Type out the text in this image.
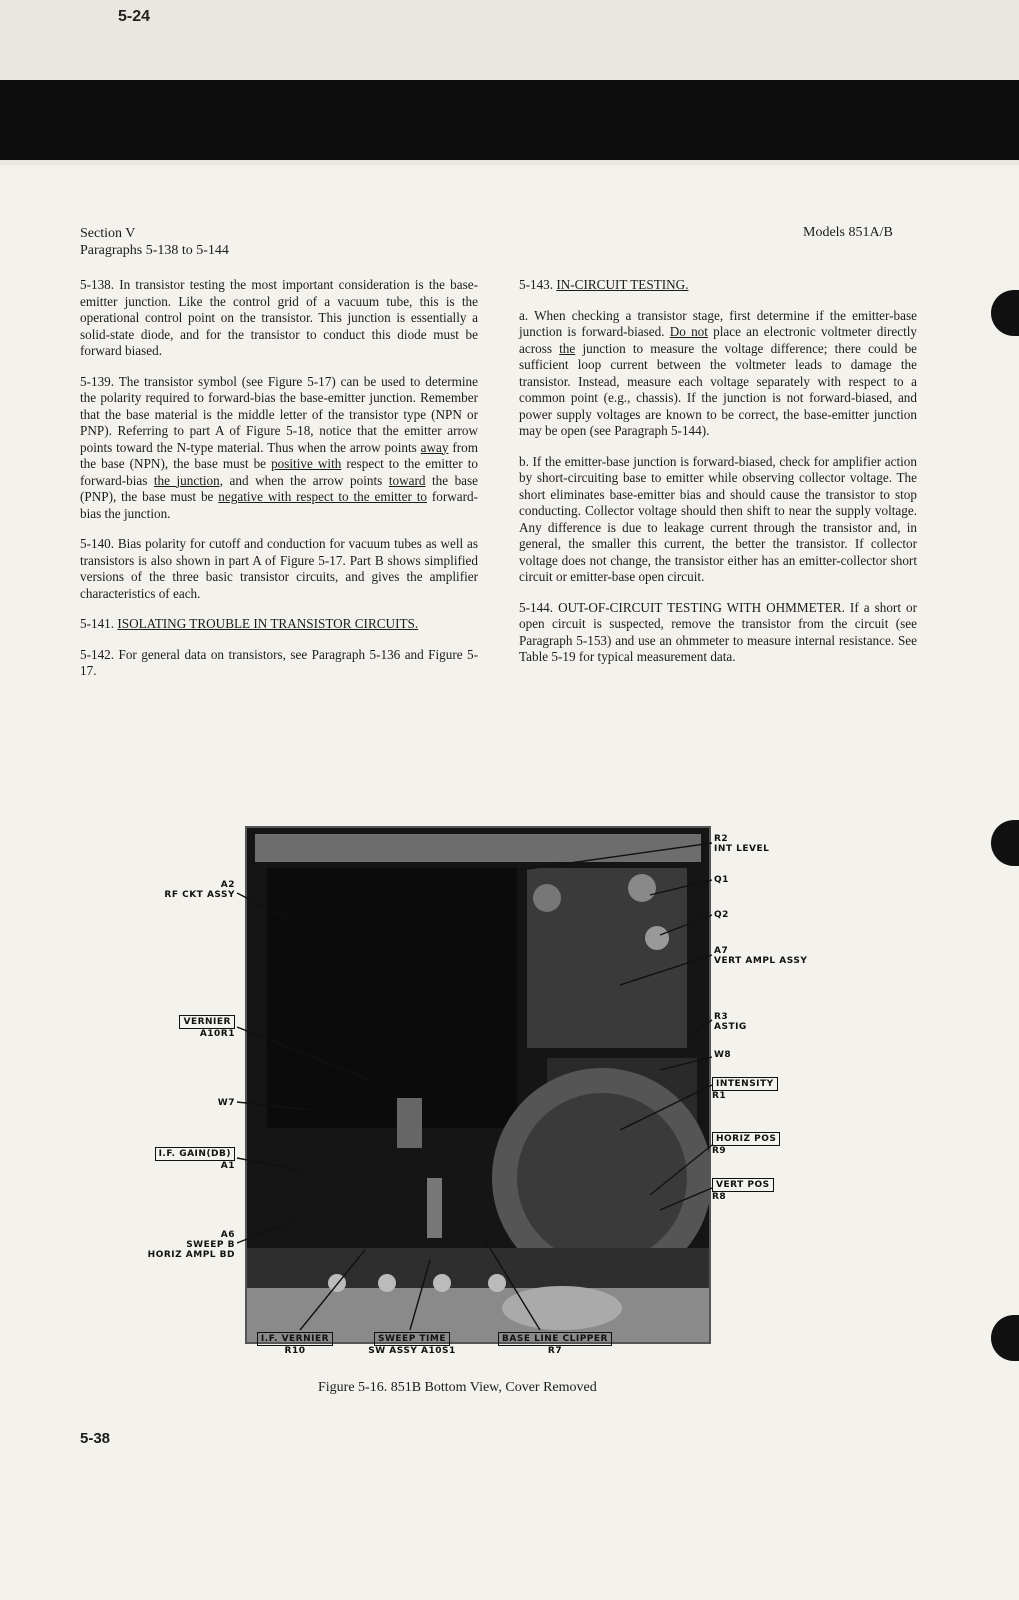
5-24
Section V
Paragraphs 5-138 to 5-144
Models 851A/B

5-138. In transistor testing the most important consideration is the base-emitter junction. Like the control grid of a vacuum tube, this is the operational control point on the transistor. This junction is essentially a solid-state diode, and for the transistor to conduct this diode must be forward biased.

5-139. The transistor symbol (see Figure 5-17) can be used to determine the polarity required to forward-bias the base-emitter junction. Remember that the base material is the middle letter of the transistor type (NPN or PNP). Referring to part A of Figure 5-18, notice that the emitter arrow points toward the N-type material. Thus when the arrow points away from the base (NPN), the base must be positive with respect to the emitter to forward-bias the junction, and when the arrow points toward the base (PNP), the base must be negative with respect to the emitter to forward-bias the junction.

5-140. Bias polarity for cutoff and conduction for vacuum tubes as well as transistors is also shown in part A of Figure 5-17. Part B shows simplified versions of the three basic transistor circuits, and gives the amplifier characteristics of each.

5-141. ISOLATING TROUBLE IN TRANSISTOR CIRCUITS.

5-142. For general data on transistors, see Paragraph 5-136 and Figure 5-17.

5-143. IN-CIRCUIT TESTING.

a. When checking a transistor stage, first determine if the emitter-base junction is forward-biased. Do not place an electronic voltmeter directly across the junction to measure the voltage difference; there could be sufficient loop current between the voltmeter leads to damage the transistor. Instead, measure each voltage separately with respect to a common point (e.g., chassis). If the junction is not forward-biased, and power supply voltages are known to be correct, the base-emitter junction may be open (see Paragraph 5-144).

b. If the emitter-base junction is forward-biased, check for amplifier action by short-circuiting base to emitter while observing collector voltage. The short eliminates base-emitter bias and should cause the transistor to stop conducting. Collector voltage should then shift to near the supply voltage. Any difference is due to leakage current through the transistor and, in general, the smaller this current, the better the transistor. If collector voltage does not change, the transistor either has an emitter-collector short circuit or emitter-base open circuit.

5-144. OUT-OF-CIRCUIT TESTING WITH OHMMETER. If a short or open circuit is suspected, remove the transistor from the circuit (see Paragraph 5-153) and use an ohmmeter to measure internal resistance. See Table 5-19 for typical measurement data.

A2
RF CKT ASSY
VERNIER
A10R1
W7
I.F. GAIN(DB)
A1
A6
SWEEP B
HORIZ AMPL BD
R2
INT LEVEL
Q1
Q2
A7
VERT AMPL ASSY
R3
ASTIG
W8
INTENSITY
R1
HORIZ POS
R9
VERT POS
R8
I.F. VERNIER
R10
SWEEP TIME
SW ASSY A10S1
BASE LINE CLIPPER
R7
Figure 5-16. 851B Bottom View, Cover Removed
5-38
